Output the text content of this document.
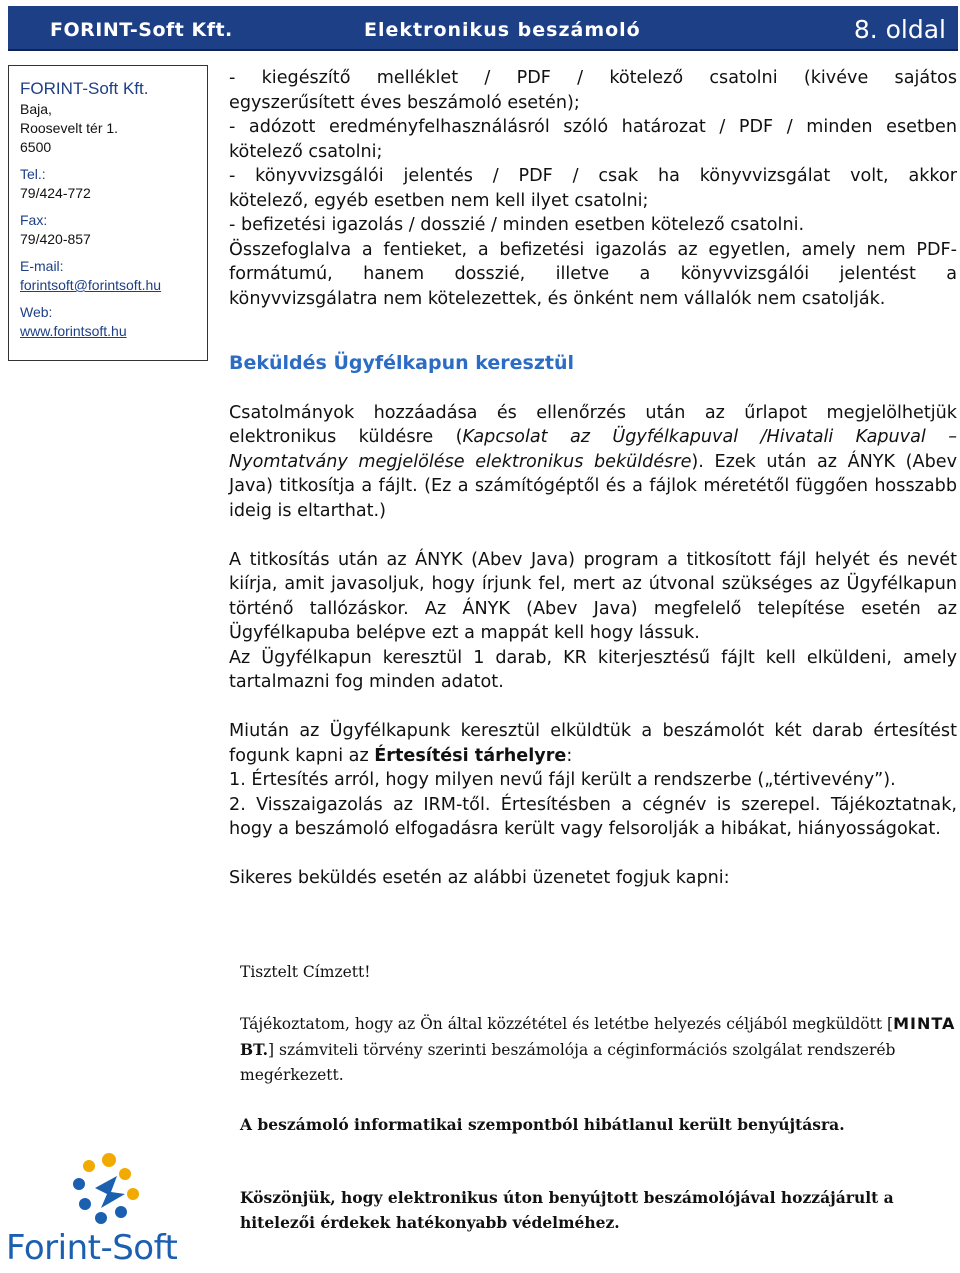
FORINT-Soft Kft.	Elektronikus beszámoló	8. oldal
FORINT-Soft Kft.
Baja,
Roosevelt tér 1.
6500
Tel.:
79/424-772
Fax:
79/420-857
E-mail:
forintsoft@forintsoft.hu
Web:
www.forintsoft.hu
Forint-Soft

- kiegészítő melléklet / PDF / kötelező csatolni (kivéve sajátos

egyszerűsített éves beszámoló esetén);

- adózott eredményfelhasználásról szóló határozat / PDF / minden esetben

kötelező csatolni;

- könyvvizsgálói jelentés / PDF / csak ha könyvvizsgálat volt, akkor

kötelező, egyéb esetben nem kell ilyet csatolni;

- befizetési igazolás / dosszié / minden esetben kötelező csatolni.

Összefoglalva a fentieket, a befizetési igazolás az egyetlen, amely nem PDF-

formátumú, hanem dosszié, illetve a könyvvizsgálói jelentést a

könyvvizsgálatra nem kötelezettek, és önként nem vállalók nem csatolják.

Beküldés Ügyfélkapun keresztül

Csatolmányok hozzáadása és ellenőrzés után az űrlapot megjelölhetjük elektronikus küldésre (Kapcsolat az Ügyfélkapuval /Hivatali Kapuval – Nyomtatvány megjelölése elektronikus beküldésre). Ezek után az ÁNYK (Abev Java) titkosítja a fájlt. (Ez a számítógéptől és a fájlok méretétől függően hosszabb ideig is eltarthat.)

A titkosítás után az ÁNYK (Abev Java) program a titkosított fájl helyét és nevét kiírja, amit javasoljuk, hogy írjunk fel, mert az útvonal szükséges az Ügyfélkapun történő tallózáskor. Az ÁNYK (Abev Java) megfelelő telepítése esetén az Ügyfélkapuba belépve ezt a mappát kell hogy lássuk.

Az Ügyfélkapun keresztül 1 darab, KR kiterjesztésű fájlt kell elküldeni, amely tartalmazni fog minden adatot.

Miután az Ügyfélkapunk keresztül elküldtük a beszámolót két darab értesítést fogunk kapni az Értesítési tárhelyre:

1. Értesítés arról, hogy milyen nevű fájl került a rendszerbe („tértivevény”).

2. Visszaigazolás az IRM-től. Értesítésben a cégnév is szerepel. Tájékoztatnak, hogy a beszámoló elfogadásra került vagy felsorolják a hibákat, hiányosságokat.

Sikeres beküldés esetén az alábbi üzenetet fogjuk kapni:

Tisztelt Címzett!
Tájékoztatom, hogy az Ön által közzététel és letétbe helyezés céljából megküldött [MINTA BT.] számviteli törvény szerinti beszámolója a céginformációs szolgálat rendszeréb megérkezett.
A beszámoló informatikai szempontból hibátlanul került benyújtásra.
Köszönjük, hogy elektronikus úton benyújtott beszámolójával hozzájárult a hitelezői érdekek hatékonyabb védelméhez.
